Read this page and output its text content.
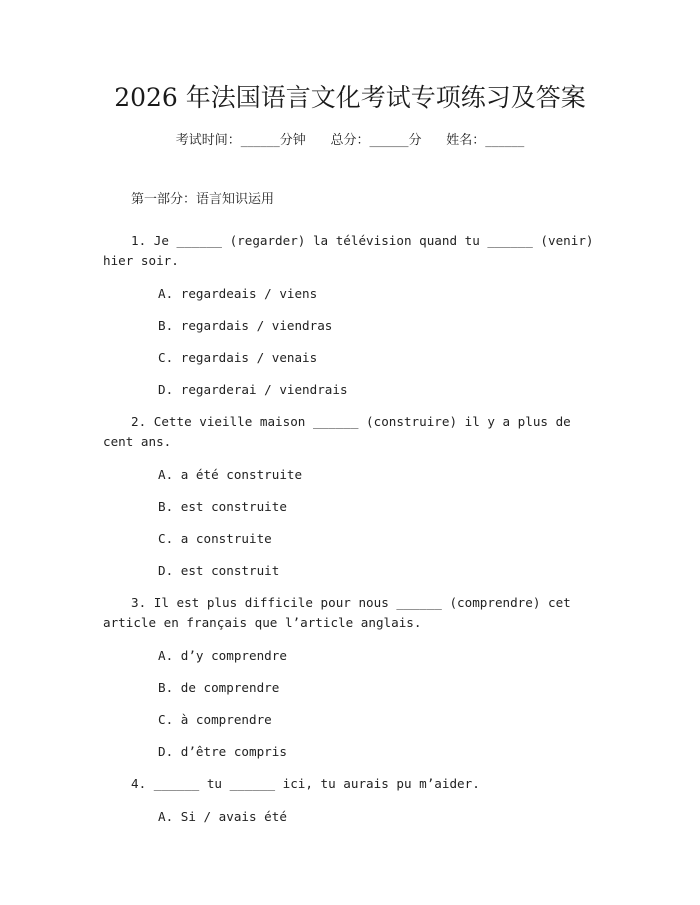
2026 年法国语言文化考试专项练习及答案
考试时间：______分钟      总分：______分      姓名：______
第一部分：语言知识运用
1. Je ______ (regarder) la télévision quand tu ______ (venir) hier soir.
A. regardeais / viens
B. regardais / viendras
C. regardais / venais
D. regarderai / viendrais
2. Cette vieille maison ______ (construire) il y a plus de cent ans.
A. a été construite
B. est construite
C. a construite
D. est construit
3. Il est plus difficile pour nous ______ (comprendre) cet article en français que l’article anglais.
A. d’y comprendre
B. de comprendre
C. à comprendre
D. d’être compris
4. ______ tu ______ ici, tu aurais pu m’aider.
A. Si / avais été
